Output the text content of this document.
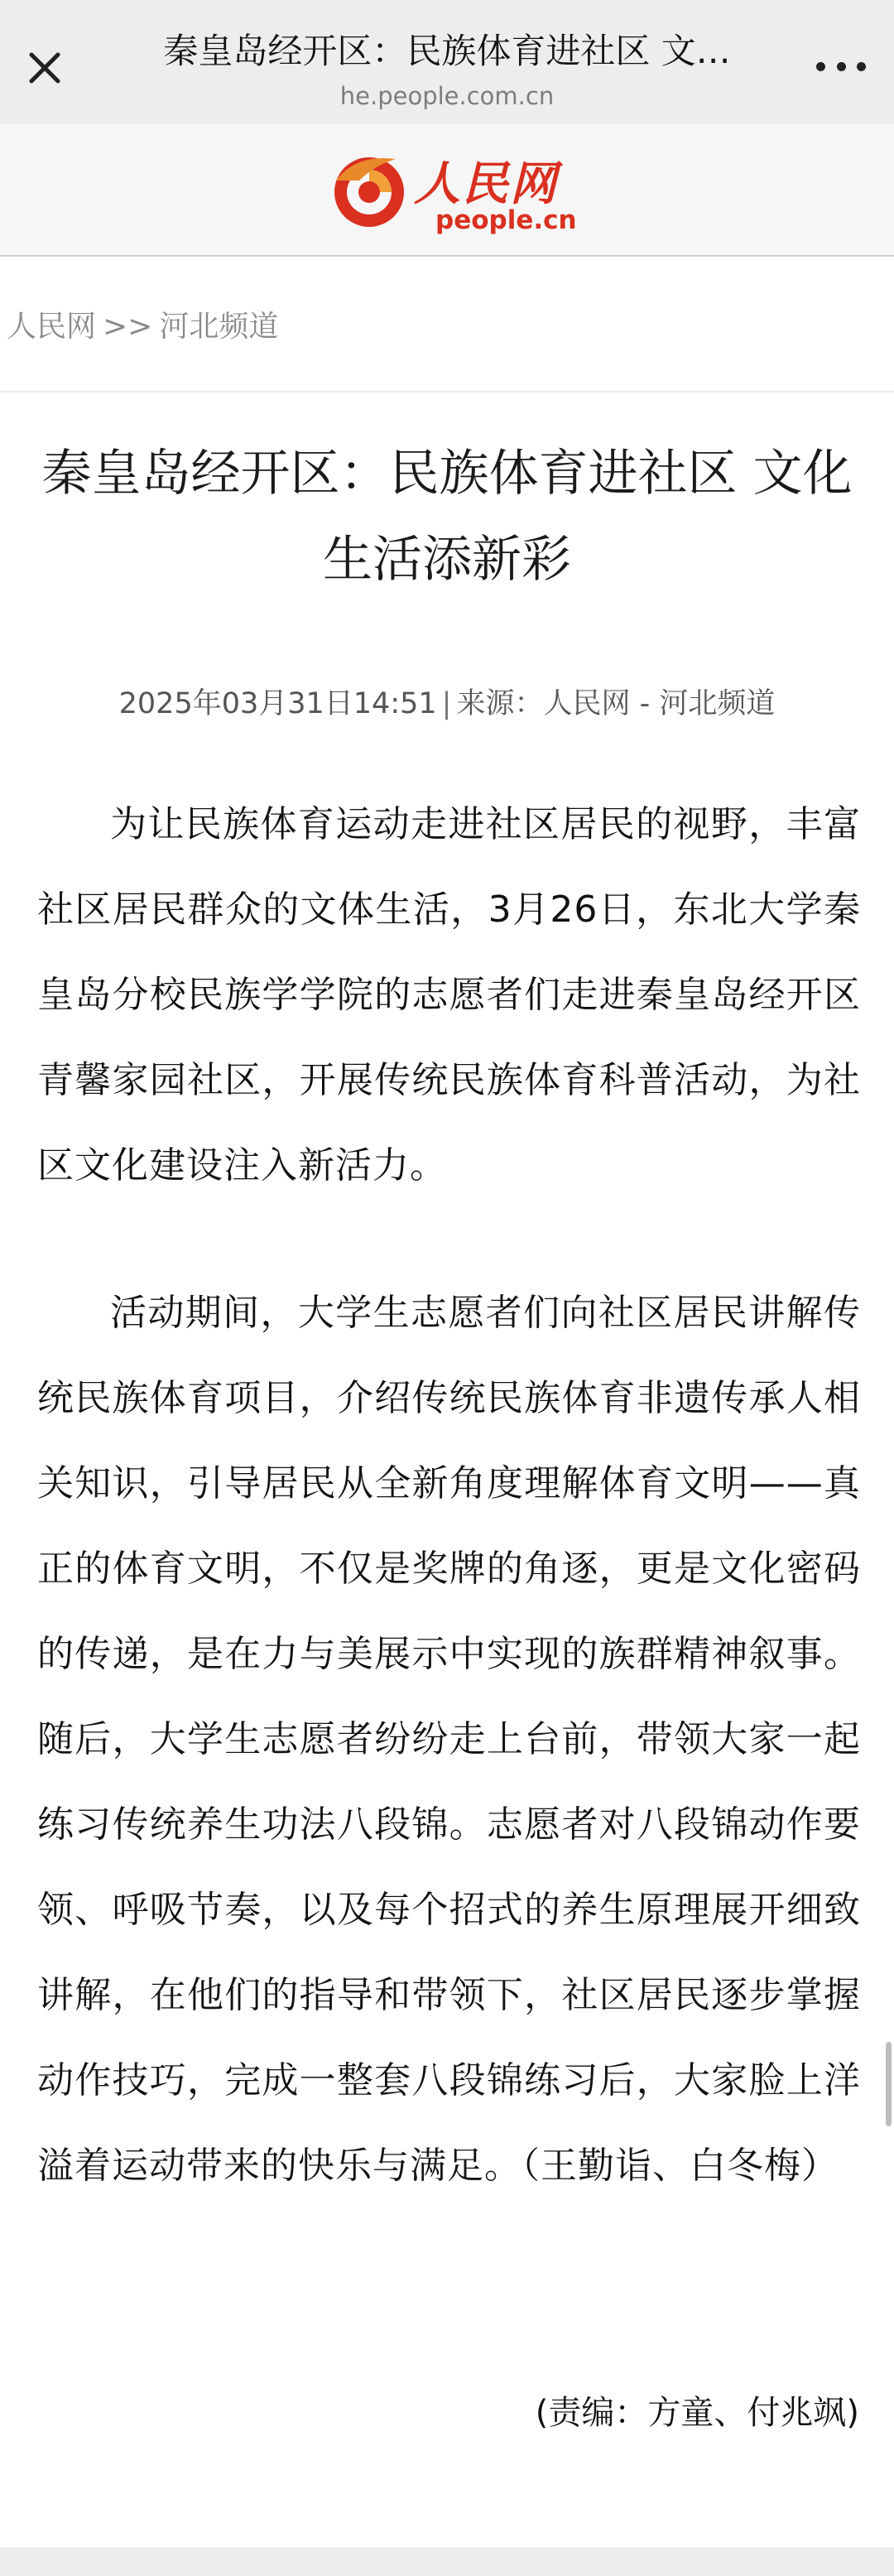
秦皇岛经开区：民族体育进社区 文…
he.people.com.cn
人民网
people.cn
人民网 >> 河北频道
秦皇岛经开区：民族体育进社区 文化生活添新彩
2025年03月31日14:51 | 来源：人民网 - 河北频道

为让民族体育运动走进社区居民的视野，丰富社区居民群众的文体生活，3月26日，东北大学秦皇岛分校民族学学院的志愿者们走进秦皇岛经开区青馨家园社区，开展传统民族体育科普活动，为社区文化建设注入新活力。

活动期间，大学生志愿者们向社区居民讲解传统民族体育项目，介绍传统民族体育非遗传承人相关知识，引导居民从全新角度理解体育文明——真正的体育文明，不仅是奖牌的角逐，更是文化密码的传递，是在力与美展示中实现的族群精神叙事。随后，大学生志愿者纷纷走上台前，带领大家一起练习传统养生功法八段锦。志愿者对八段锦动作要领、呼吸节奏，以及每个招式的养生原理展开细致讲解，在他们的指导和带领下，社区居民逐步掌握动作技巧，完成一整套八段锦练习后，大家脸上洋溢着运动带来的快乐与满足。（王勤诣、白冬梅）

(责编：方童、付兆飒)
